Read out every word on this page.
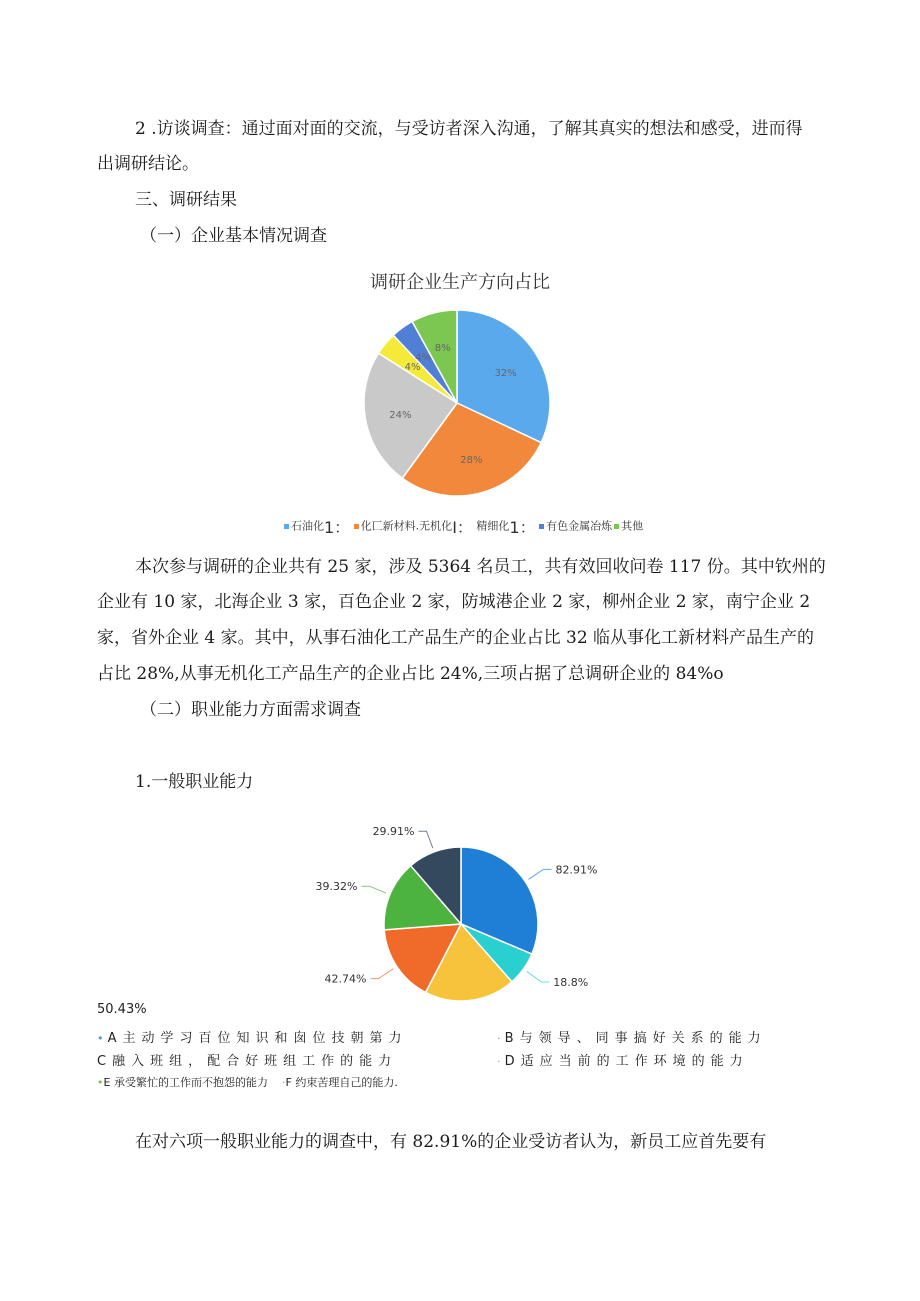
2 .访谈调查：通过面对面的交流，与受访者深入沟通，了解其真实的想法和感受，进而得
出调研结论。
三、调研结果
（一）企业基本情况调查
调研企业生产方向占比
32%
28%
24%
4%
4%
8%
82.91%
18.8%
42.74%
39.32%
29.91%
石油化1： 化匸新材料.无机化I： 精细化1： 有色金属冶炼 其他
本次参与调研的企业共有 25 家，涉及 5364 名员工，共有效回收问卷 117 份。其中钦州的
企业有 10 家，北海企业 3 家，百色企业 2 家，防城港企业 2 家，柳州企业 2 家，南宁企业 2
家，省外企业 4 家。其中，从事石油化工产品生产的企业占比 32 临从事化工新材料产品生产的
占比 28%,从事无机化工产品生产的企业占比 24%,三项占据了总调研企业的 84%o
（二）职业能力方面需求调查
1.一般职业能力
50.43%
• A主动学习百位知识和囱位技朝第力	· B与领导、同事搞好关系的能力
C融入班组，配合好班组工作的能力	· D适应当前的工作环境的能力
•E 承受繁忙的工作而不抱怨的能力 ·F 约束苦理自己的能力.
在对六项一般职业能力的调查中，有 82.91%的企业受访者认为，新员工应首先要有
